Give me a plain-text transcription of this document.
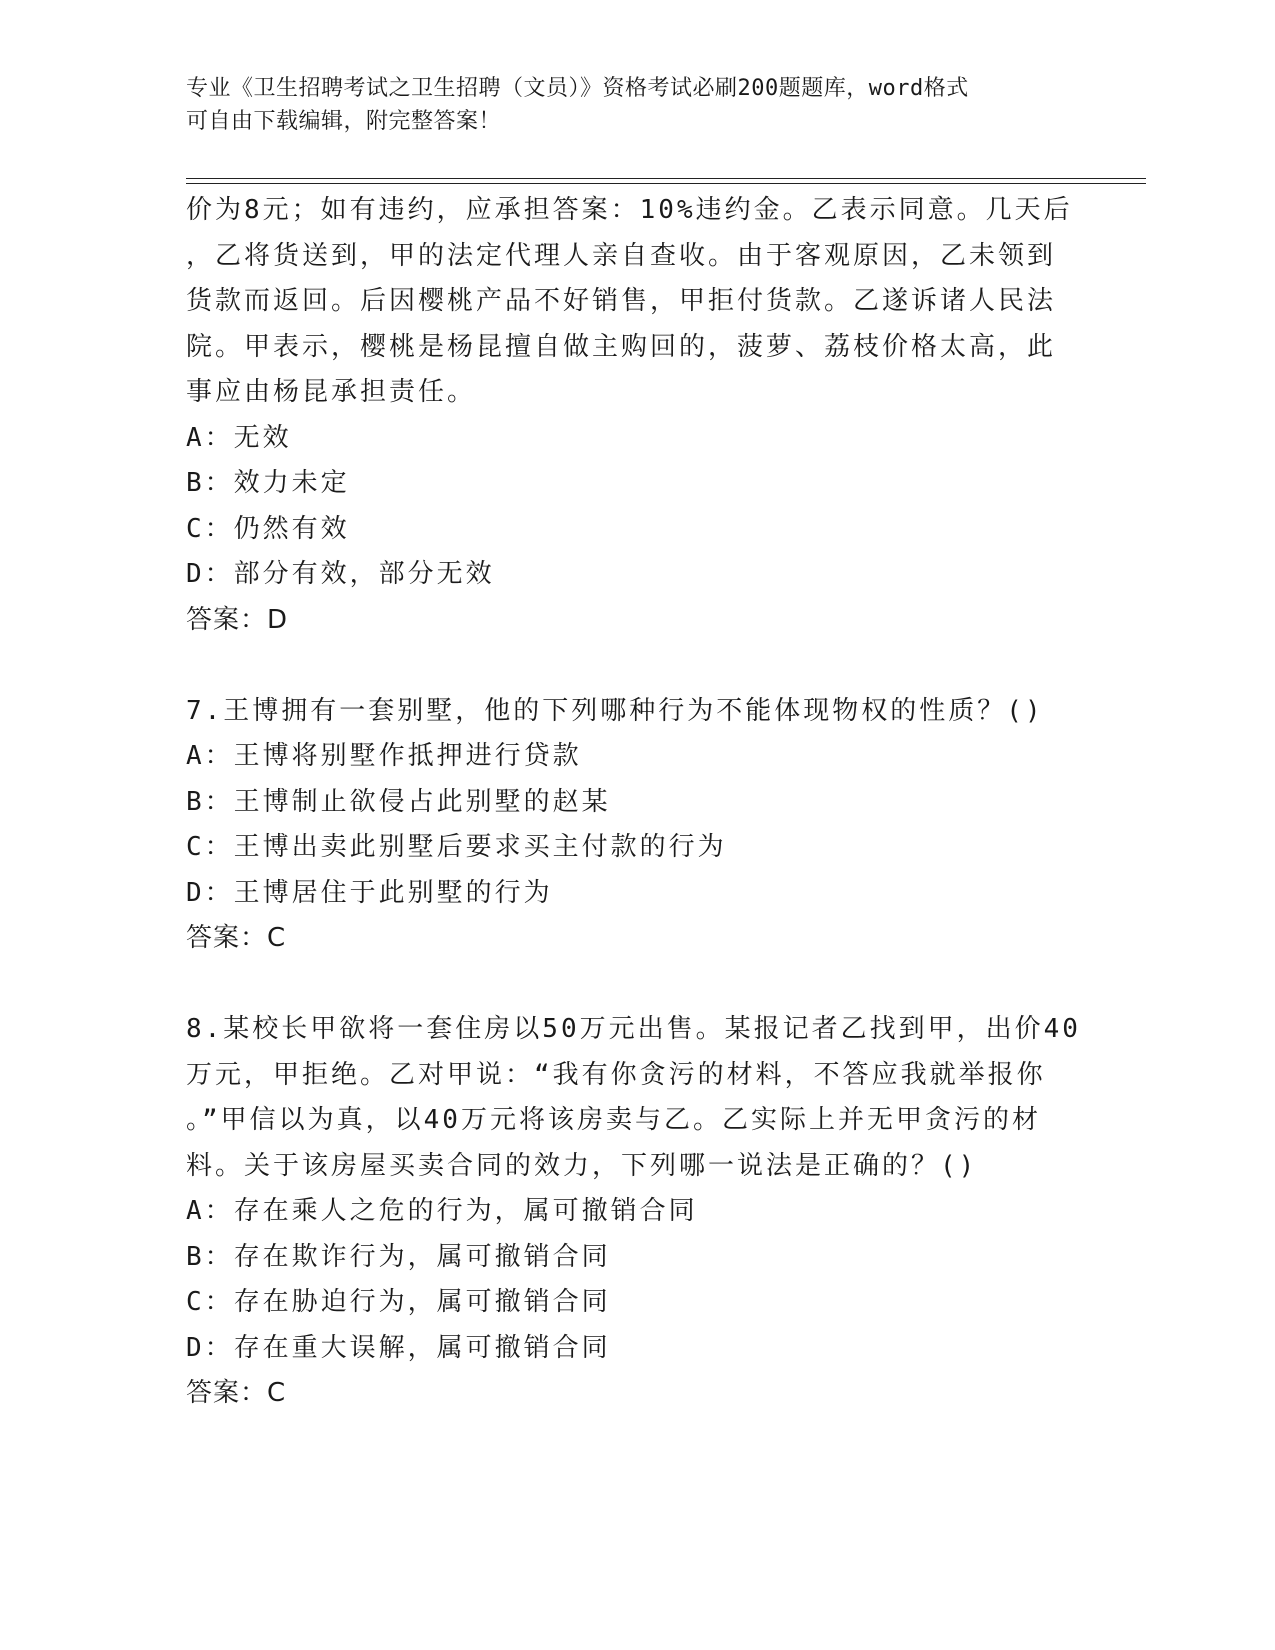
专业《卫生招聘考试之卫生招聘（文员）》资格考试必刷200题题库，word格式

可自由下载编辑，附完整答案！

价为8元；如有违约，应承担答案：10%违约金。乙表示同意。几天后

，乙将货送到，甲的法定代理人亲自查收。由于客观原因，乙未领到

货款而返回。后因樱桃产品不好销售，甲拒付货款。乙遂诉诸人民法

院。甲表示，樱桃是杨昆擅自做主购回的，菠萝、荔枝价格太高，此

事应由杨昆承担责任。

A：无效

B：效力未定

C：仍然有效

D：部分有效，部分无效

答案：D

7.王博拥有一套别墅，他的下列哪种行为不能体现物权的性质？()

A：王博将别墅作抵押进行贷款

B：王博制止欲侵占此别墅的赵某

C：王博出卖此别墅后要求买主付款的行为

D：王博居住于此别墅的行为

答案：C

8.某校长甲欲将一套住房以50万元出售。某报记者乙找到甲，出价40

万元，甲拒绝。乙对甲说：“我有你贪污的材料，不答应我就举报你

。”甲信以为真，以40万元将该房卖与乙。乙实际上并无甲贪污的材

料。关于该房屋买卖合同的效力，下列哪一说法是正确的？()

A：存在乘人之危的行为，属可撤销合同

B：存在欺诈行为，属可撤销合同

C：存在胁迫行为，属可撤销合同

D：存在重大误解，属可撤销合同

答案：C
